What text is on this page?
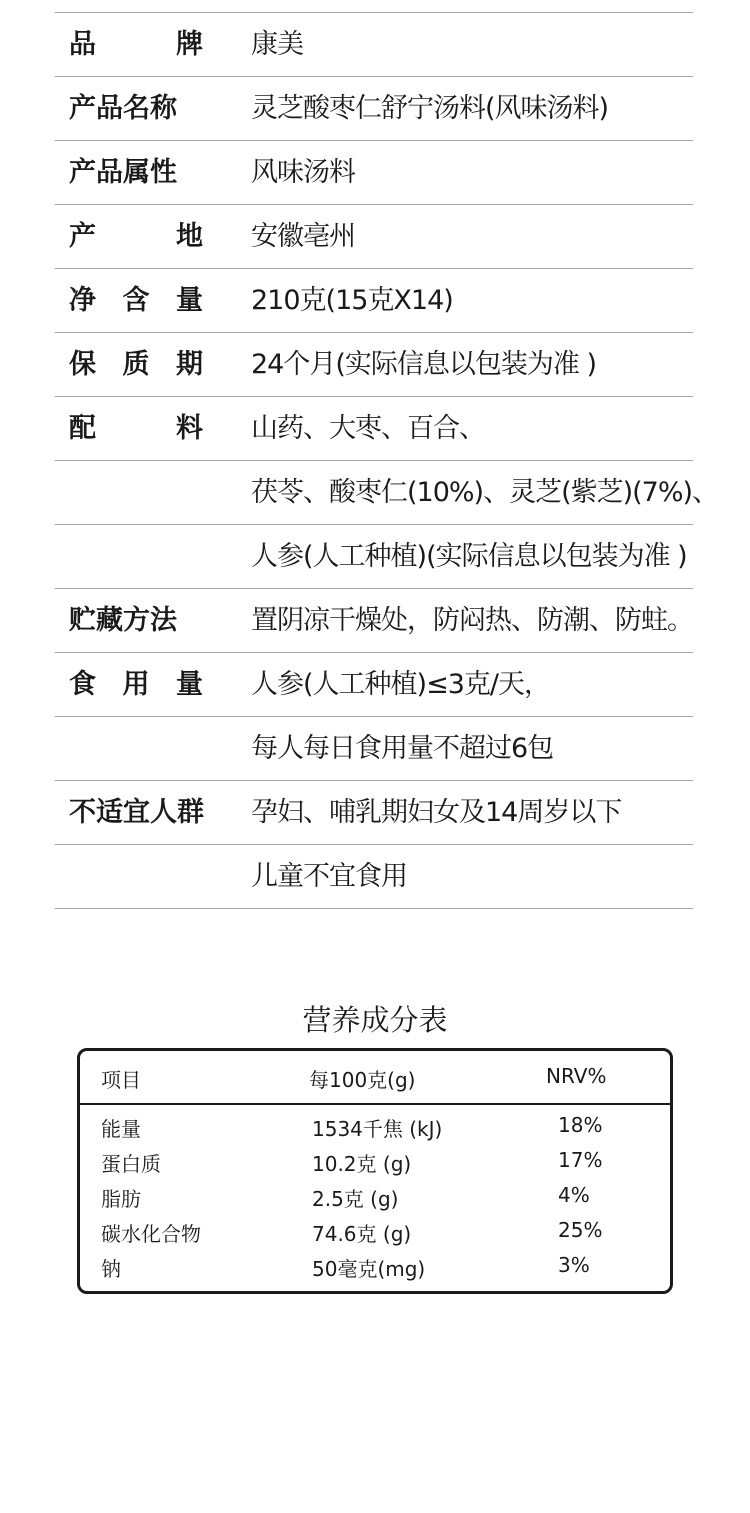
品	牌 康美
产品名称	灵芝酸枣仁舒宁汤料(风味汤料)
产品属性	风味汤料
产	地 安徽亳州
净 含 量 210克(15克X14)
保 质 期 24个月(实际信息以包装为准 )
配	料 山药、大枣、百合、
茯苓、酸枣仁(10%)、灵芝(紫芝)(7%)、
人参(人工种植)(实际信息以包装为准 )
贮藏方法	置阴凉干燥处，防闷热、防潮、防蛀。
食 用 量 人参(人工种植)≤3克/天，
每人每日食用量不超过6包
不适宜人群	孕妇、哺乳期妇女及14周岁以下
儿童不宜食用
营养成分表
项目	每100克(g)	NRV%
能量	1534千焦 (kJ)	18%
蛋白质	10.2克 (g)	17%
脂肪	2.5克 (g)	4%
碳水化合物	74.6克 (g)	25%
钠	50毫克(mg)	3%
